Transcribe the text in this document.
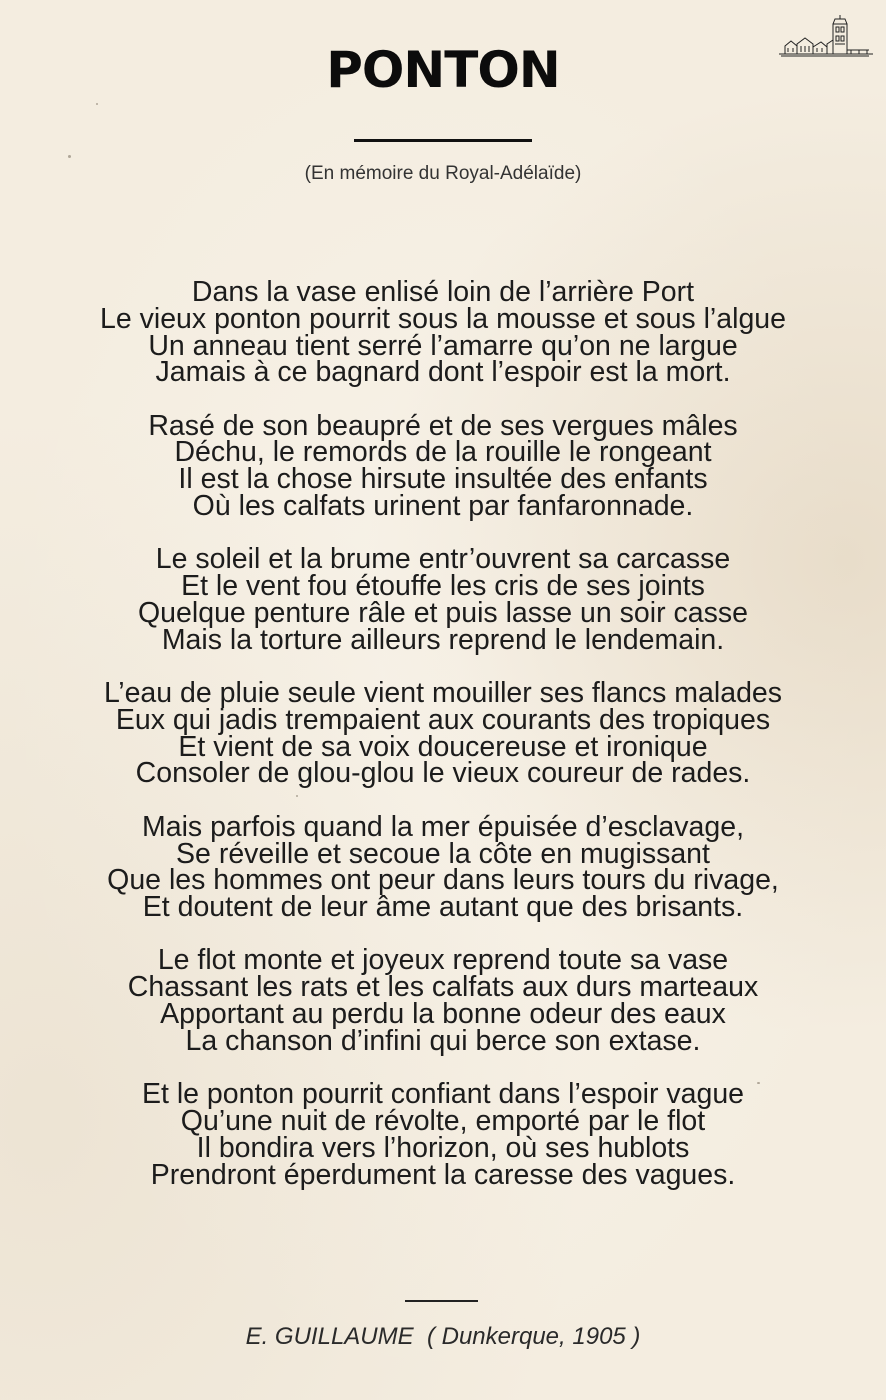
PONTON
(En mémoire du Royal-Adélaïde)
Dans la vase enlisé loin de l’arrière Port
Le vieux ponton pourrit sous la mousse et sous l’algue
Un anneau tient serré l’amarre qu’on ne largue
Jamais à ce bagnard dont l’espoir est la mort.
Rasé de son beaupré et de ses vergues mâles
Déchu, le remords de la rouille le rongeant
Il est la chose hirsute insultée des enfants
Où les calfats urinent par fanfaronnade.
Le soleil et la brume entr’ouvrent sa carcasse
Et le vent fou étouffe les cris de ses joints
Quelque penture râle et puis lasse un soir casse
Mais la torture ailleurs reprend le lendemain.
L’eau de pluie seule vient mouiller ses flancs malades
Eux qui jadis trempaient aux courants des tropiques
Et vient de sa voix doucereuse et ironique
Consoler de glou-glou le vieux coureur de rades.
Mais parfois quand la mer épuisée d’esclavage,
Se réveille et secoue la côte en mugissant
Que les hommes ont peur dans leurs tours du rivage,
Et doutent de leur âme autant que des brisants.
Le flot monte et joyeux reprend toute sa vase
Chassant les rats et les calfats aux durs marteaux
Apportant au perdu la bonne odeur des eaux
La chanson d’infini qui berce son extase.
Et le ponton pourrit confiant dans l’espoir vague
Qu’une nuit de révolte, emporté par le flot
Il bondira vers l’horizon, où ses hublots
Prendront éperdument la caresse des vagues.
E. GUILLAUME  ( Dunkerque, 1905 )
